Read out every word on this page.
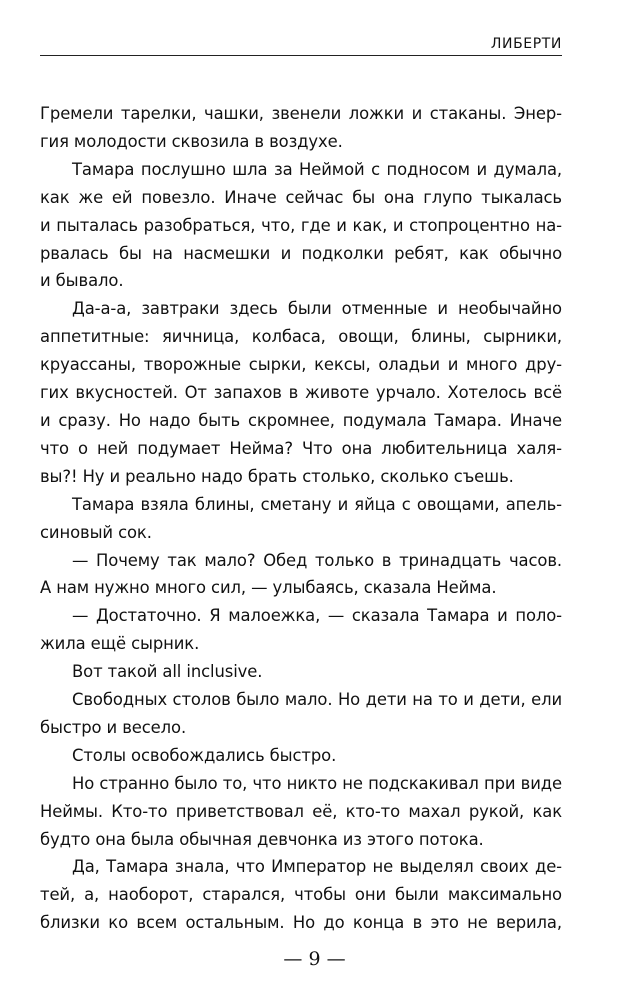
ЛИБЕРТИ
Гремели тарелки, чашки, звенели ложки и стаканы. Энер-
гия молодости сквозила в воздухе.
Тамара послушно шла за Неймой с подносом и думала,
как же ей повезло. Иначе сейчас бы она глупо тыкалась
и пыталась разобраться, что, где и как, и стопроцентно на-
рвалась бы на насмешки и подколки ребят, как обычно
и бывало.
Да-а-а, завтраки здесь были отменные и необычайно
аппетитные: яичница, колбаса, овощи, блины, сырники,
круассаны, творожные сырки, кексы, оладьи и много дру-
гих вкусностей. От запахов в животе урчало. Хотелось всё
и сразу. Но надо быть скромнее, подумала Тамара. Иначе
что о ней подумает Нейма? Что она любительница халя-
вы?! Ну и реально надо брать столько, сколько съешь.
Тамара взяла блины, сметану и яйца с овощами, апель-
синовый сок.
— Почему так мало? Обед только в тринадцать часов.
А нам нужно много сил, — улыбаясь, сказала Нейма.
— Достаточно. Я малоежка, — сказала Тамара и поло-
жила ещё сырник.
Вот такой all inclusive.
Свободных столов было мало. Но дети на то и дети, ели
быстро и весело.
Столы освобождались быстро.
Но странно было то, что никто не подскакивал при виде
Неймы. Кто-то приветствовал её, кто-то махал рукой, как
будто она была обычная девчонка из этого потока.
Да, Тамара знала, что Император не выделял своих де-
тей, а, наоборот, старался, чтобы они были максимально
близки ко всем остальным. Но до конца в это не верила,
— 9 —
